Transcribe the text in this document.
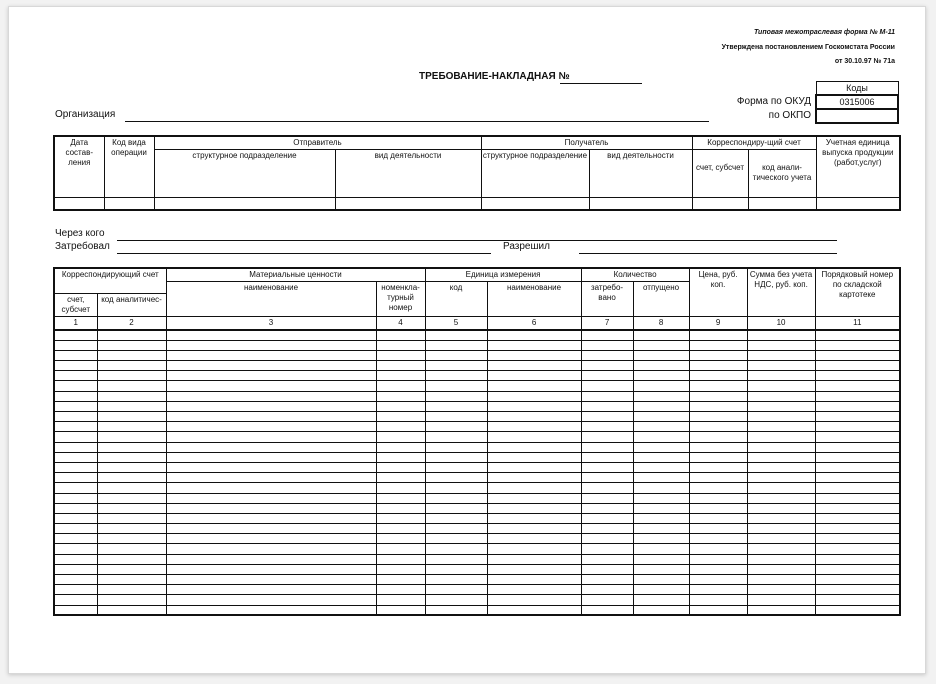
Типовая межотраслевая форма № М-11
Утверждена постановлением Госкомстата России
от 30.10.97 № 71а
ТРЕБОВАНИЕ-НАКЛАДНАЯ №
Коды
0315006

Форма по ОКУД
по ОКПО
Организация
Дата состав- ления	Код вида операции	Отправитель		Получатель		Корреспондиру-щий счет		Учетная единица выпуска продукции (работ,услуг)
		структурное подразделение	вид деятельности	структурное подразделение	вид деятельности			
						счет, субсчет	код анали- тического учета	

Через кого
Затребовал	Разрешил
Корреспондирующий счет		Материальные ценности		Единица измерения		Количество		Цена, руб. коп.	Сумма без учета НДС, руб. коп.	Порядковый номер по складской картотеке
		наименование	номенкла- турный номер	код	наименование	затребо- вано	отпущено			
счет, субсчет	код аналитичес-									
1	2	3	4	5	6	7	8	9	10	11
